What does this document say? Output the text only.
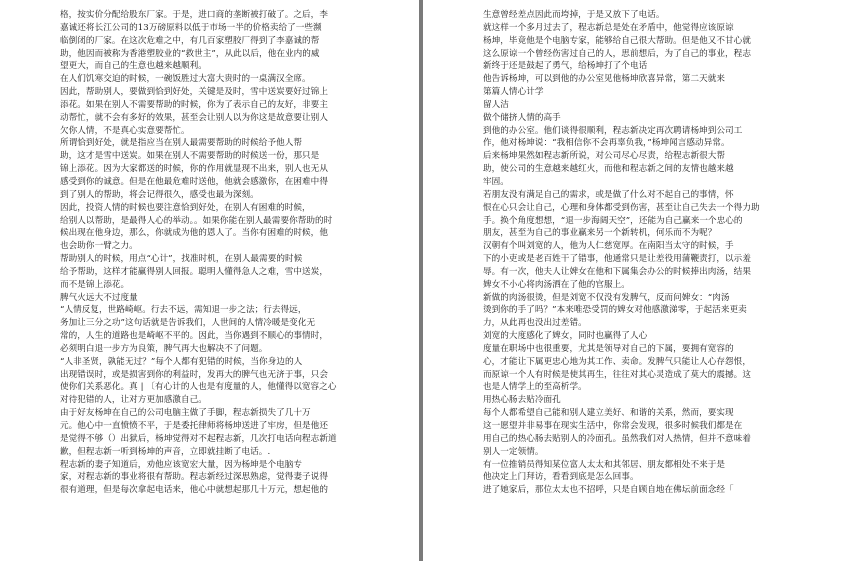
格，按实价分配给股东厂家。于是，进口商的垄断被打破了。之后，李
嘉诚还将长江公司的13万磅原料以低于市场一半的价格卖给了一些濒
临倒闭的厂家。在这次危难之中，有几百家塑胶厂得到了李嘉诚的帮
助，他因而被称为香港塑胶业的“救世主”，从此以后，他在业内的威
望更大，而自己的生意也越来越顺利。
在人们饥寒交迫的时候，一碗饭胜过大富大贵时的一桌满汉全席。
因此，帮助别人，要做到恰到好处，关键是及时，雪中送炭要好过锦上
添花。如果在别人不需要帮助的时候，你为了表示自己的友好，非要主
动帮忙，就不会有多好的效果，甚至会让别人以为你这是故意要让别人
欠你人情，不是真心实意要帮忙。
所谓恰到好处，就是指应当在别人最需要帮助的时候给予他人帮
助，这才是雪中送炭。如果在别人不需要帮助的时候送一份，那只是
锦上添花。因为大家都送的时候，你的作用就显现不出来，别人也无从
感受到你的诚意。但是在他最危难时送他，他就会感激你，在困难中得
到了别人的帮助，将会记得很久，感受也最为深刻。
因此，投资人情的时候也要注意恰到好处，在别人有困难的时候，
给别人以帮助，是最得人心的举动。。如果你能在别人最需要你帮助的时
候出现在他身边，那么，你就成为他的恩人了。当你有困难的时候，他
也会助你一臂之力。
帮助别人的时候，用点“心计”，找准时机，在别人最需要的时候
给予帮助，这样才能赢得别人回报。聪明人懂得急人之难，雪中送炭，
而不是锦上添花。
脾气火远大不过度量
“人情反复，世路崎岖。行去不远，需知退一步之法；行去得远，
务加让三分之功”这句话就是告诉我们，人世间的人情冷暖是变化无
常的，人生的道路也是崎岖不平的。因此，当你遇到不顺心的事情时，
必须明白退一步方为良策，脾气再大也解决不了问题。
“人非圣贤，孰能无过？”每个人都有犯错的时候，当你身边的人
出现错误时，或是损害到你的利益时，发再大的脾气也无济于事，只会
使你们关系恶化。真 | 〔有心计的人也是有度量的人，他懂得以宽容之心
对待犯错的人，让对方更加感激自己。
由于好友杨坤在自己的公司电脑主做了手脚，程志新损失了几十万
元。他心中一直愤愤不平，于是委托律师将杨坤送进了牢房，但是他还
是觉得不够（）出狱后，杨坤觉得对不起程志新，几次打电话向程志新道
歉，但程志新一听到杨坤的声音，立即就挂断了电话。.
程志新的妻子知道后，劝他应该宽宏大量，因为杨坤是个电脑专
家，对程志新的事业将很有帮助。程志新经过深思熟虑，觉得妻子说得
很有道理，但是每次拿起电话来，他心中就想起那几十万元，想起他的
生意曾经差点因此而垮掉，于是又放下了电话。
就这样一个多月过去了，程志新总是处在矛盾中，他觉得应该原谅
杨坤，毕竟他是个电脑专家，能够给自己很大帮助。但是他又不甘心就
这么原谅一个曾经伤害过自己的人，思前想后，为了自己的事业，程志
新终于还是鼓起了勇气，给杨坤打了个电话
他告诉杨坤，可以到他的办公室见他杨坤欣喜异常，第二天就来
第篇人情心计学
留人洁
做个储挤人情的高手
到他的办公室。他们谈得很顺利，程志新决定再次聘请杨坤到公司工
作，他对杨坤说：“我相信你不会再辜负我，”杨坤闻言感动异常。
后来杨坤果然如程志新所说，对公司尽心尽责，给程志新很大帮
助，使公司的生意越来越红火，而他和程志新之间的友情也越来越
牢固。
若朋友没有满足自己的需求，或是做了什么对不起自己的事情，怀
恨在心只会让自己，心理和身体都受到伤害，甚至让自己失去一个得力助
手。换个角度想想，“退一步海阔天空”，还能为自己赢来一个忠心的
朋友，甚至为自己的事业赢来另一个新转机，何乐而不为呢？
汉朝有个叫刘宽的人，他为人仁慈宽厚。在南阳当太守的时候，手
下的小吏或是老百姓干了错事，他通常只是让差役用蒲鞭责打，以示羞
辱。有一次，他夫人让婢女在他和下属集会办公的时候捧出肉汤，结果
婢女不小心将肉汤洒在了他的官服上。
新做的肉汤很烫，但是刘宽不仅没有发脾气，反而问婢女：“肉汤
烫到你的手了吗？”本来唯恐受罚的婢女对他感激涕零，于起活来更卖
力，从此再也没出过差错。
刘宽的大度感化了婢女，同时也赢得了人心
度量在职场中也很重要，尤其是领导对自己的下属，要拥有宽容的
心，才能让下属更忠心地为其工作、卖命。发脾气只能让人心存怨恨，
而原谅一个人有时候是使其再生，往往对其心灵造成了莫大的震撼。这
也是人情学上的至高析学。
用热心肠去贴冷面孔
每个人都希望自己能和别人建立美好、和谐的关系，然而，要实现
这一愿望并非易事在现实生活中，你常会发现，很多时候我们都是在
用自己的热心肠去贴别人的冷面孔。虽然我们对人热情，但并不意味着
别人一定领情。
有一位推销员得知某位富人太太和其邻居、朋友都相处不来于是
他决定上门拜访，看看到底是怎么回事。
进了她家后，那位太太也不招呼，只是自顾自地在佛坛前面念经「
